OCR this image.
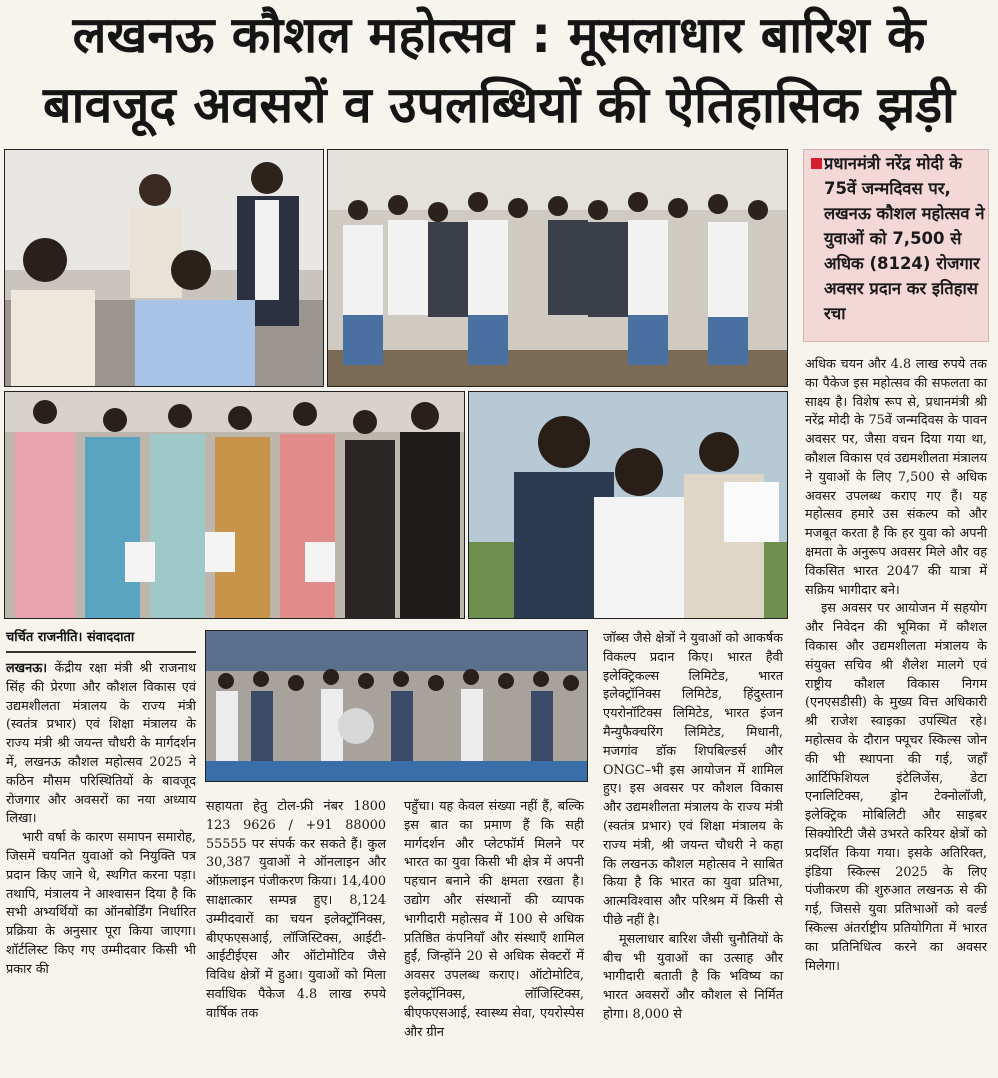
लखनऊ कौशल महोत्सव : मूसलाधार बारिश के
बावजूद अवसरों व उपलब्धियों की ऐतिहासिक झड़ी
प्रधानमंत्री नरेंद्र मोदी के 75वें जन्मदिवस पर, लखनऊ कौशल महोत्सव ने युवाओं को 7,500 से अधिक (8124) रोजगार अवसर प्रदान कर इतिहास रचा
चर्चित राजनीति। संवाददाता

लखनऊ। केंद्रीय रक्षा मंत्री श्री राजनाथ सिंह की प्रेरणा और कौशल विकास एवं उद्यमशीलता मंत्रालय के राज्य मंत्री (स्वतंत्र प्रभार) एवं शिक्षा मंत्रालय के राज्य मंत्री श्री जयन्त चौधरी के मार्गदर्शन में, लखनऊ कौशल महोत्सव 2025 ने कठिन मौसम परिस्थितियों के बावजूद रोजगार और अवसरों का नया अध्याय लिखा।

भारी वर्षा के कारण समापन समारोह, जिसमें चयनित युवाओं को नियुक्ति पत्र प्रदान किए जाने थे, स्थगित करना पड़ा। तथापि, मंत्रालय ने आश्वासन दिया है कि सभी अभ्यर्थियों का ऑनबोर्डिंग निर्धारित प्रक्रिया के अनुसार पूरा किया जाएगा। शॉर्टलिस्ट किए गए उम्मीदवार किसी भी प्रकार की

सहायता हेतु टोल-फ्री नंबर 1800 123 9626 / +91 88000 55555 पर संपर्क कर सकते हैं। कुल 30,387 युवाओं ने ऑनलाइन और ऑफ़लाइन पंजीकरण किया। 14,400 साक्षात्कार सम्पन्न हुए। 8,124 उम्मीदवारों का चयन इलेक्ट्रॉनिक्स, बीएफएसआई, लॉजिस्टिक्स, आईटी-आईटीईएस और ऑटोमोटिव जैसे विविध क्षेत्रों में हुआ। युवाओं को मिला सर्वाधिक पैकेज 4.8 लाख रुपये वार्षिक तक

पहुँचा। यह केवल संख्या नहीं हैं, बल्कि इस बात का प्रमाण हैं कि सही मार्गदर्शन और प्लेटफॉर्म मिलने पर भारत का युवा किसी भी क्षेत्र में अपनी पहचान बनाने की क्षमता रखता है। उद्योग और संस्थानों की व्यापक भागीदारी महोत्सव में 100 से अधिक प्रतिष्ठित कंपनियाँ और संस्थाएँ शामिल हुईं, जिन्होंने 20 से अधिक सेक्टरों में अवसर उपलब्ध कराए। ऑटोमोटिव, इलेक्ट्रॉनिक्स, लॉजिस्टिक्स, बीएफएसआई, स्वास्थ्य सेवा, एयरोस्पेस और ग्रीन

जॉब्स जैसे क्षेत्रों ने युवाओं को आकर्षक विकल्प प्रदान किए। भारत हैवी इलेक्ट्रिकल्स लिमिटेड, भारत इलेक्ट्रॉनिक्स लिमिटेड, हिंदुस्तान एयरोनॉटिक्स लिमिटेड, भारत इंजन मैन्युफैक्चरिंग लिमिटेड, मिधानी, मजगांव डॉक शिपबिल्डर्स और ONGC–भी इस आयोजन में शामिल हुए। इस अवसर पर कौशल विकास और उद्यमशीलता मंत्रालय के राज्य मंत्री (स्वतंत्र प्रभार) एवं शिक्षा मंत्रालय के राज्य मंत्री, श्री जयन्त चौधरी ने कहा कि लखनऊ कौशल महोत्सव ने साबित किया है कि भारत का युवा प्रतिभा, आत्मविश्वास और परिश्रम में किसी से पीछे नहीं है।

मूसलाधार बारिश जैसी चुनौतियों के बीच भी युवाओं का उत्साह और भागीदारी बताती है कि भविष्य का भारत अवसरों और कौशल से निर्मित होगा। 8,000 से

अधिक चयन और 4.8 लाख रुपये तक का पैकेज इस महोत्सव की सफलता का साक्ष्य है। विशेष रूप से, प्रधानमंत्री श्री नरेंद्र मोदी के 75वें जन्मदिवस के पावन अवसर पर, जैसा वचन दिया गया था, कौशल विकास एवं उद्यमशीलता मंत्रालय ने युवाओं के लिए 7,500 से अधिक अवसर उपलब्ध कराए गए हैं। यह महोत्सव हमारे उस संकल्प को और मजबूत करता है कि हर युवा को अपनी क्षमता के अनुरूप अवसर मिले और वह विकसित भारत 2047 की यात्रा में सक्रिय भागीदार बने।

इस अवसर पर आयोजन में सहयोग और निवेदन की भूमिका में कौशल विकास और उद्यमशीलता मंत्रालय के संयुक्त सचिव श्री शैलेश मालगे एवं राष्ट्रीय कौशल विकास निगम (एनएसडीसी) के मुख्य वित्त अधिकारी श्री राजेश स्वाइका उपस्थित रहे। महोत्सव के दौरान फ्यूचर स्किल्स जोन की भी स्थापना की गई, जहाँ आर्टिफिशियल इंटेलिजेंस, डेटा एनालिटिक्स, ड्रोन टेक्नोलॉजी, इलेक्ट्रिक मोबिलिटी और साइबर सिक्योरिटी जैसे उभरते करियर क्षेत्रों को प्रदर्शित किया गया। इसके अतिरिक्त, इंडिया स्किल्स 2025 के लिए पंजीकरण की शुरुआत लखनऊ से की गई, जिससे युवा प्रतिभाओं को वर्ल्ड स्किल्स अंतर्राष्ट्रीय प्रतियोगिता में भारत का प्रतिनिधित्व करने का अवसर मिलेगा।
